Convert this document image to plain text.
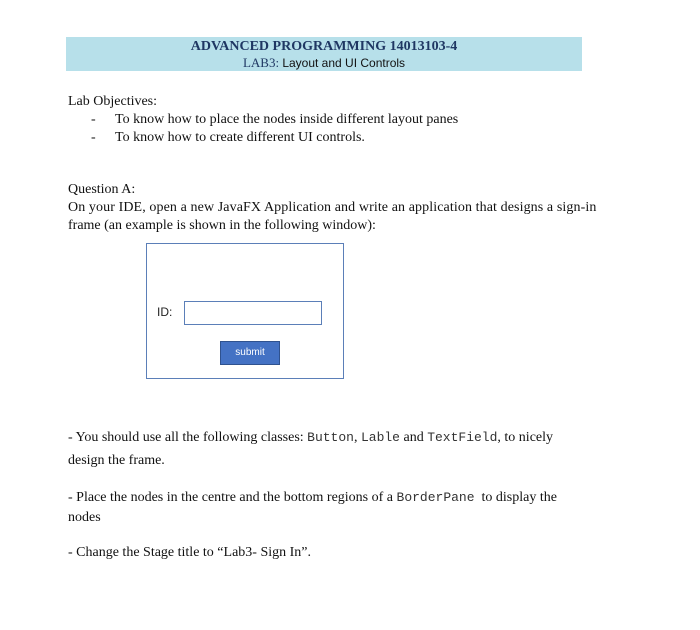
ADVANCED PROGRAMMING 14013103-4
LAB3: Layout and UI Controls
Lab Objectives:
- To know how to place the nodes inside different layout panes
- To know how to create different UI controls.
Question A:
On your IDE, open a new JavaFX Application and write an application that designs a sign-in
frame (an example is shown in the following window):
ID:
submit
- You should use all the following classes: Button, Lable and TextField, to nicely
design the frame.
- Place the nodes in the centre and the bottom regions of a BorderPane  to display the
nodes
- Change the Stage title to “Lab3- Sign In”.
